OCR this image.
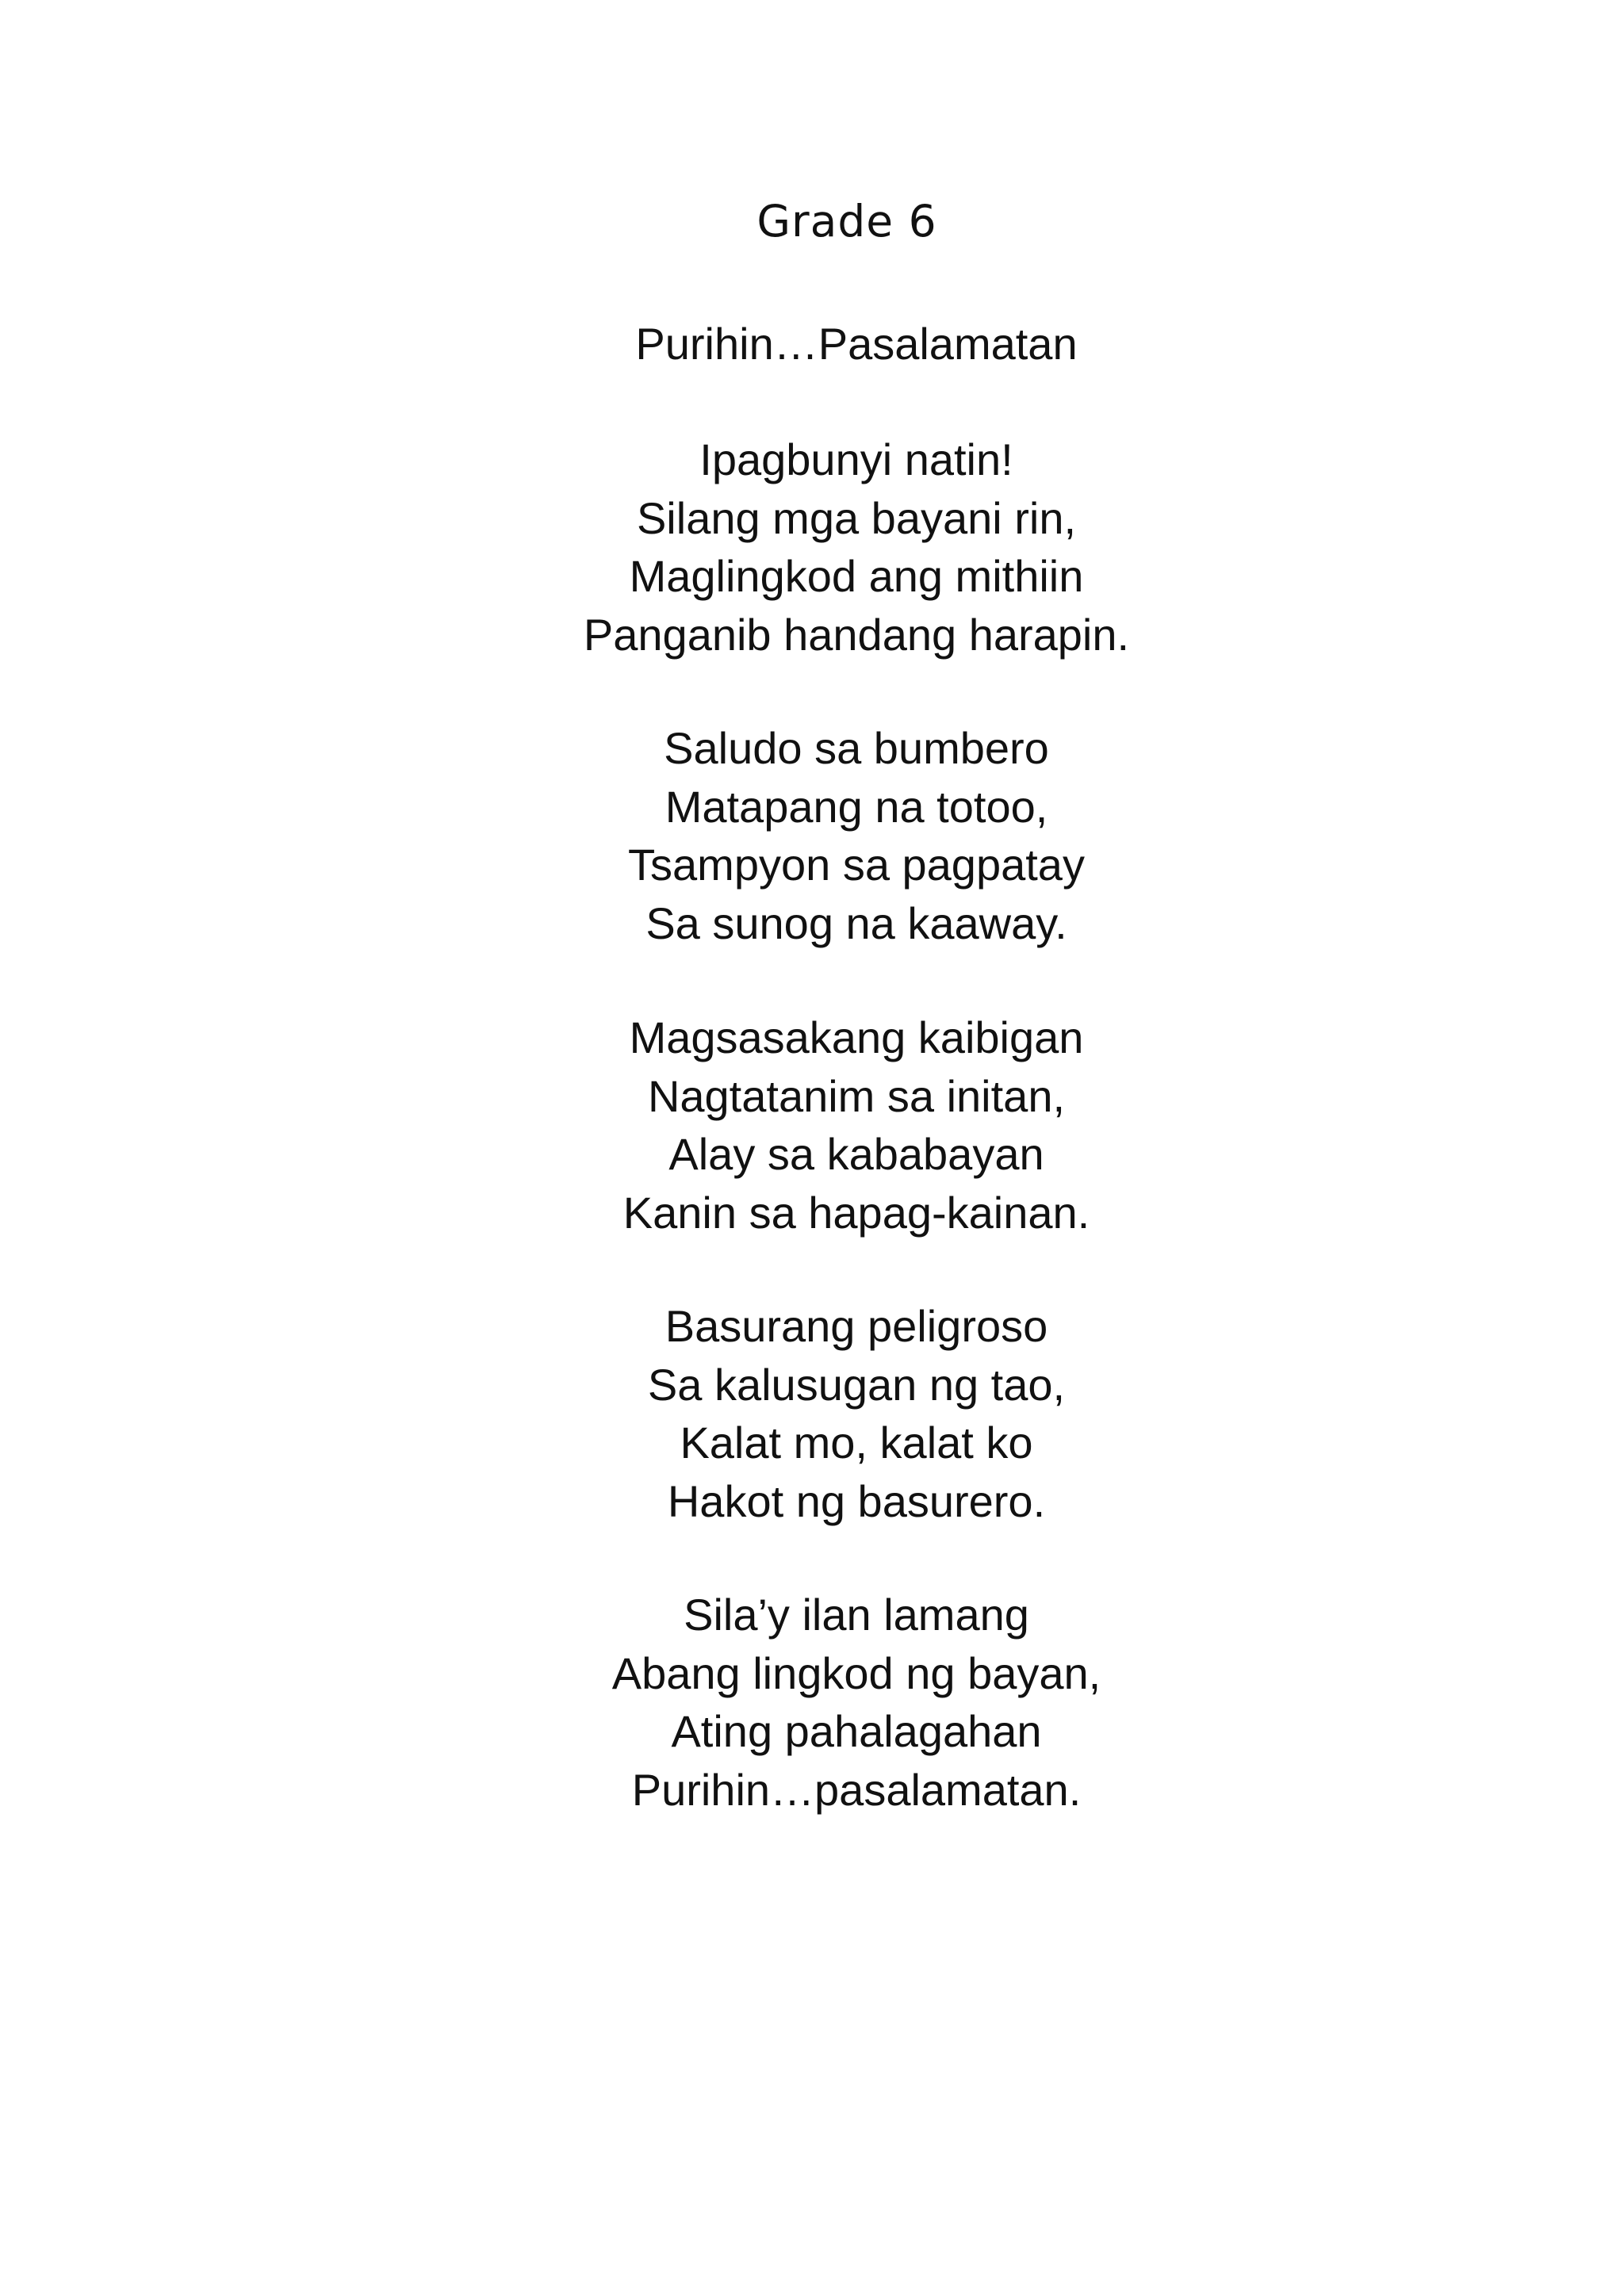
Grade 6
Purihin…Pasalamatan
Ipagbunyi natin!
Silang mga bayani rin,
Maglingkod ang mithiin
Panganib handang harapin.
Saludo sa bumbero
Matapang na totoo,
Tsampyon sa pagpatay
Sa sunog na kaaway.
Magsasakang kaibigan
Nagtatanim sa initan,
Alay sa kababayan
Kanin sa hapag-kainan.
Basurang peligroso
Sa kalusugan ng tao,
Kalat mo, kalat ko
Hakot ng basurero.
Sila’y ilan lamang
Abang lingkod ng bayan,
Ating pahalagahan
Purihin…pasalamatan.
